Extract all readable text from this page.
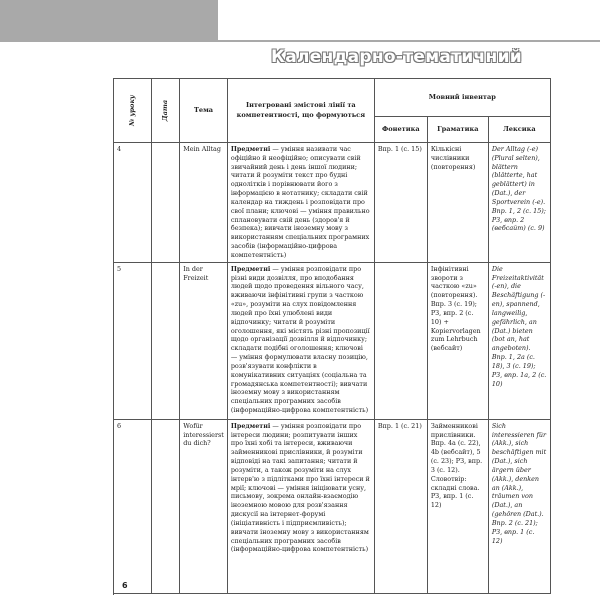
Календарно-тематичний
№ уроку	Дата	Тема	Інтегровані змістові лінії та компетентності, що формуються	Мовний інвентар		
				Фонетика	Граматика	Лексика
4		Mein Alltag	Предметні — уміння називати час офіційно й неофіційно; описувати свій звичайний день і день іншої людини; читати й розуміти текст про будні однолітків і порівнювати його з інформацією в нотатнику; складати свій календар на тиждень і розповідати про свої плани; ключові — уміння правильно сплановувати свій день (здоров'я й безпека); вивчати іноземну мову з використанням спеціальних програмних засобів (інформаційно-цифрова компетентність)	Впр. 1 (с. 15)	Кількісні числівники (повторення)	Der Alltag (-e) (Plural selten), blättern (blätterte, hat geblättert) in (Dat.), der Sportverein (-e). Впр. 1, 2 (с. 15); РЗ, впр. 2 (вебсайт) (с. 9)
5		In der Freizeit	Предметні — уміння розповідати про різні види дозвілля, про вподобання людей щодо проведення вільного часу, вживаючи інфінітивні групи з часткою «zu», розуміти на слух повідомлення людей про їхні улюблені види відпочинку; читати й розуміти оголошення, які містять різні пропозиції щодо організації дозвілля й відпочинку; складати подібні оголошення; ключові — уміння формулювати власну позицію, розв'язувати конфлікти в комунікативних ситуаціях (соціальна та громадянська компетентності); вивчати іноземну мову з використанням спеціальних програмних засобів (інформаційно-цифрова компетентність)		Інфінітивні звороти з часткою «zu» (повторення). Впр. 3 (с. 19); РЗ, впр. 2 (с. 10) + Kopiervorlagen zum Lehrbuch (вебсайт)	Die Freizeitaktivität (-en), die Beschäftigung (-en), spannend, langweilig, gefährlich, an (Dat.) bieten (bot an, hat angeboten). Впр. 1, 2а (с. 18), 3 (с. 19); РЗ, впр. 1а, 2 (с. 10)
6		Wofür interessierst du dich?	Предметні — уміння розповідати про інтереси людини; розпитувати інших про їхні хобі та інтереси, вживаючи займенникові прислівники, й розуміти відповіді на такі запитання; читати й розуміти, а також розуміти на слух інтерв'ю з підлітками про їхні інтереси й мрії; ключові — уміння ініціювати усну, письмову, зокрема онлайн-взаємодію іноземною мовою для розв'язання дискусії на інтернет-форумі (ініціативність і підприємливість); вивчати іноземну мову з використанням спеціальних програмних засобів (інформаційно-цифрова компетентність)	Впр. 1 (с. 21)	Займенникові прислівники. Впр. 4а (с. 22), 4b (вебсайт), 5 (с. 23); РЗ, впр. 3 (с. 12). Словотвір: складні слова. РЗ, впр. 1 (с. 12)	Sich interessieren für (Akk.), sich beschäftigen mit (Dat.), sich ärgern über (Akk.), denken an (Akk.), träumen von (Dat.), an (gehören (Dat.). Впр. 2 (с. 21); РЗ, впр. 1 (с. 12)
6
